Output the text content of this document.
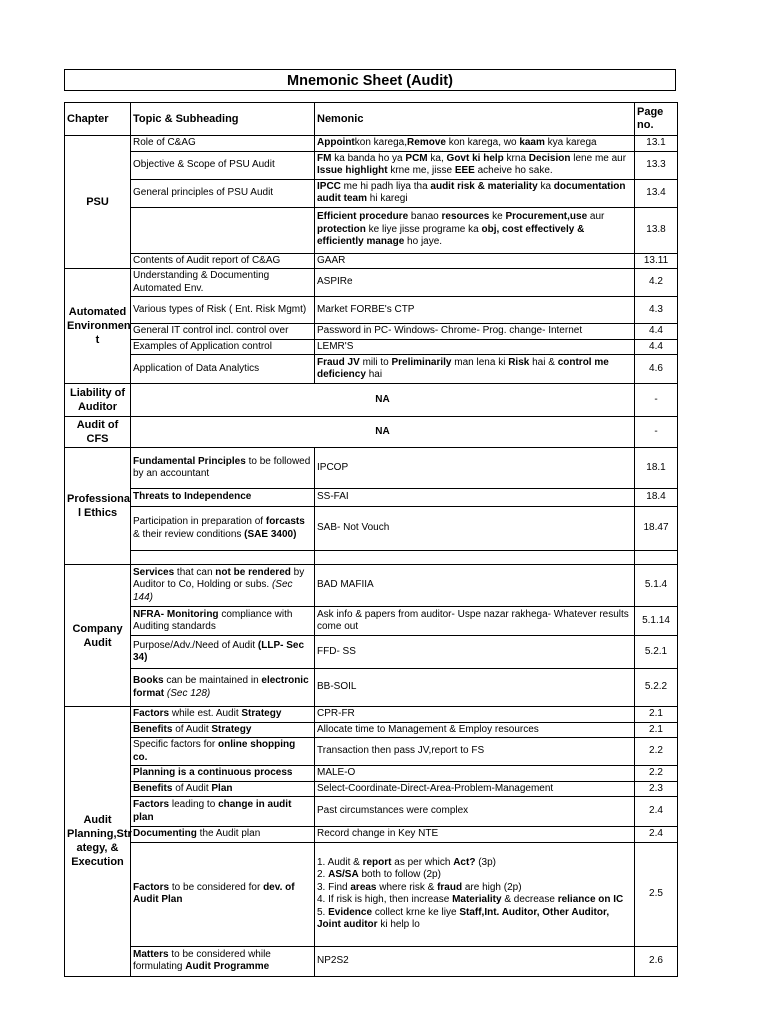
Mnemonic Sheet (Audit)
Chapter	Topic & Subheading	Nemonic	Page no.
PSU	Role of C&AG	Appointkon karega,Remove kon karega, wo kaam kya karega	13.1
	Objective & Scope of PSU Audit	FM ka banda ho ya PCM ka, Govt ki help krna Decision lene me aur Issue highlight krne me, jisse EEE acheive ho sake.	13.3
	General principles of PSU Audit	IPCC me hi padh liya tha audit risk & materiality ka documentation audit team hi karegi	13.4
		Efficient procedure banao resources ke Procurement,use aur protection ke liye jisse programe ka obj, cost effectively & efficiently manage ho jaye.	13.8
	Contents of Audit report of C&AG	GAAR	13.11
Automated Environmen t	Understanding & Documenting Automated Env.	ASPIRe	4.2
	Various types of Risk ( Ent. Risk Mgmt)	Market FORBE's CTP	4.3
	General IT control incl. control over	Password in PC- Windows- Chrome- Prog. change- Internet	4.4
	Examples of Application control	LEMR'S	4.4
	Application of Data Analytics	Fraud JV mili to Preliminarily man lena ki Risk hai & control me deficiency hai	4.6
Liability of Auditor	NA		-
Audit of CFS	NA		-
Professiona l Ethics	Fundamental Principles to be followed by an accountant	IPCOP	18.1
	Threats to Independence	SS-FAI	18.4
	Participation in preparation of forcasts & their review conditions (SAE 3400)	SAB- Not Vouch	18.47

Company Audit	Services that can not be rendered by Auditor to Co, Holding or subs. (Sec 144)	BAD MAFIIA	5.1.4
	NFRA- Monitoring compliance with Auditing standards	Ask info & papers from auditor- Uspe nazar rakhega- Whatever results come out	5.1.14
	Purpose/Adv./Need of Audit (LLP- Sec 34)	FFD- SS	5.2.1
	Books can be maintained in electronic format (Sec 128)	BB-SOIL	5.2.2
Audit Planning,Str ategy, & Execution	Factors while est. Audit Strategy	CPR-FR	2.1
	Benefits of Audit Strategy	Allocate time to Management & Employ resources	2.1
	Specific factors for online shopping co.	Transaction then pass JV,report to FS	2.2
	Planning is a continuous process	MALE-O	2.2
	Benefits of Audit Plan	Select-Coordinate-Direct-Area-Problem-Management	2.3
	Factors leading to change in audit plan	Past circumstances were complex	2.4
	Documenting the Audit plan	Record change in Key NTE	2.4
	Factors to be considered for dev. of Audit Plan	1. Audit & report as per which Act? (3p)
2. AS/SA both to follow (2p)
3. Find areas where risk & fraud are high (2p)
4. If risk is high, then increase Materiality & decrease reliance on IC
5. Evidence collect krne ke liye Staff,Int. Auditor, Other Auditor, Joint auditor ki help lo	2.5
	Matters to be considered while formulating Audit Programme	NP2S2	2.6
